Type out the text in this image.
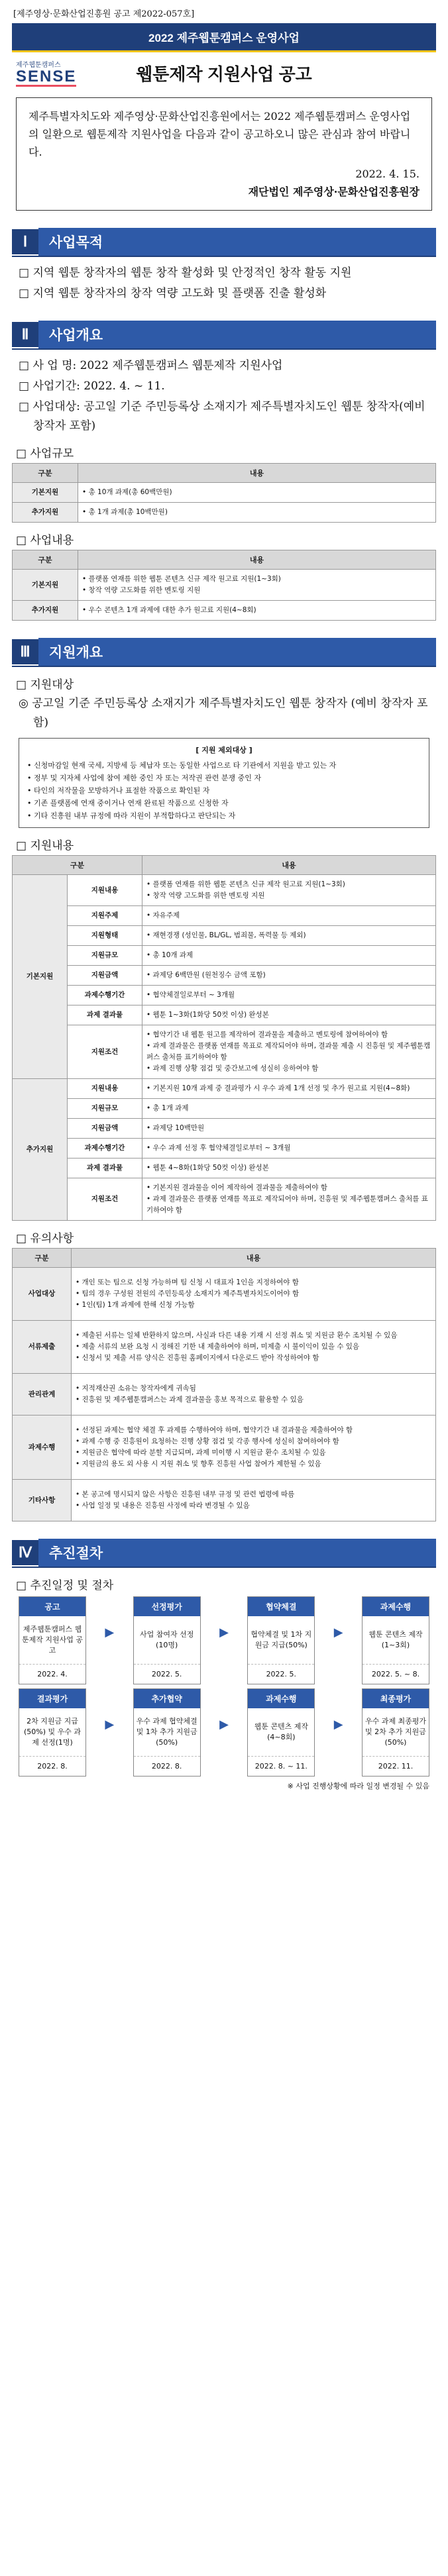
[제주영상·문화산업진흥원 공고 제2022-057호]
2022 제주웹툰캠퍼스 운영사업
제주웹툰캠퍼스
SENSE	웹툰제작 지원사업 공고
제주특별자치도와 제주영상·문화산업진흥원에서는 2022 제주웹툰캠퍼스 운영사업의 일환으로 웹툰제작 지원사업을 다음과 같이 공고하오니 많은 관심과 참여 바랍니다.
2022. 4. 15.
재단법인 제주영상·문화산업진흥원장
Ⅰ	사업목적
□ 지역 웹툰 창작자의 웹툰 창작 활성화 및 안정적인 창작 활동 지원
□ 지역 웹툰 창작자의 창작 역량 고도화 및 플랫폼 진출 활성화
Ⅱ	사업개요
□ 사 업 명: 2022 제주웹툰캠퍼스 웹툰제작 지원사업
□ 사업기간: 2022. 4. ~ 11.
□ 사업대상: 공고일 기준 주민등록상 소재지가 제주특별자치도인 웹툰 창작자(예비 창작자 포함)
□ 사업규모
구분	내용
기본지원	• 총 10개 과제(총 60백만원)
추가지원	• 총 1개 과제(총 10백만원)
□ 사업내용
구분	내용
기본지원	• 플랫폼 연재를 위한 웹툰 콘텐츠 신규 제작 원고료 지원(1~3회)
• 창작 역량 고도화를 위한 멘토링 지원
추가지원	• 우수 콘텐츠 1개 과제에 대한 추가 원고료 지원(4~8회)
Ⅲ	지원개요
□ 지원대상
◎ 공고일 기준 주민등록상 소재지가 제주특별자치도인 웹툰 창작자 (예비 창작자 포함)
[ 지원 제외대상 ]
• 신청마감일 현재 국세, 지방세 등 체납자 또는 동일한 사업으로 타 기관에서 지원을 받고 있는 자
• 정부 및 지자체 사업에 참여 제한 중인 자 또는 저작권 관련 분쟁 중인 자
• 타인의 저작물을 모방하거나 표절한 작품으로 확인된 자
• 기존 플랫폼에 연재 중이거나 연재 완료된 작품으로 신청한 자
• 기타 진흥원 내부 규정에 따라 지원이 부적합하다고 판단되는 자
□ 지원내용
구분		내용
기본지원	지원내용	• 플랫폼 연재를 위한 웹툰 콘텐츠 신규 제작 원고료 지원(1~3회)
• 창작 역량 고도화를 위한 멘토링 지원
	지원주제	• 자유주제
	지원형태	• 재현경쟁 (성인물, BL/GL, 범죄물, 폭력물 등 제외)
	지원규모	• 총 10개 과제
	지원금액	• 과제당 6백만원 (원천징수 금액 포함)
	과제수행기간	• 협약체결일로부터 ~ 3개월
	과제 결과물	• 웹툰 1~3화(1화당 50컷 이상) 완성본
	지원조건	• 협약기간 내 웹툰 원고를 제작하여 결과물을 제출하고 멘토링에 참여하여야 함
• 과제 결과물은 플랫폼 연재를 목표로 제작되어야 하며, 결과물 제출 시 진흥원 및 제주웹툰캠퍼스 출처를 표기하여야 함
• 과제 진행 상황 점검 및 중간보고에 성실히 응하여야 함
추가지원	지원내용	• 기본지원 10개 과제 중 결과평가 시 우수 과제 1개 선정 및 추가 원고료 지원(4~8화)
	지원규모	• 총 1개 과제
	지원금액	• 과제당 10백만원
	과제수행기간	• 우수 과제 선정 후 협약체결일로부터 ~ 3개월
	과제 결과물	• 웹툰 4~8화(1화당 50컷 이상) 완성본
	지원조건	• 기본지원 결과물을 이어 제작하여 결과물을 제출하여야 함
• 과제 결과물은 플랫폼 연재를 목표로 제작되어야 하며, 진흥원 및 제주웹툰캠퍼스 출처를 표기하여야 함
□ 유의사항
구분	내용
사업대상	• 개인 또는 팀으로 신청 가능하며 팀 신청 시 대표자 1인을 지정하여야 함
• 팀의 경우 구성원 전원의 주민등록상 소재지가 제주특별자치도이어야 함
• 1인(팀) 1개 과제에 한해 신청 가능함
서류제출	• 제출된 서류는 일체 반환하지 않으며, 사실과 다른 내용 기재 시 선정 취소 및 지원금 환수 조치될 수 있음
• 제출 서류의 보완 요청 시 정해진 기한 내 제출하여야 하며, 미제출 시 불이익이 있을 수 있음
• 신청서 및 제출 서류 양식은 진흥원 홈페이지에서 다운로드 받아 작성하여야 함
관리관계	• 지적재산권 소유는 창작자에게 귀속됨
• 진흥원 및 제주웹툰캠퍼스는 과제 결과물을 홍보 목적으로 활용할 수 있음
과제수행	• 선정된 과제는 협약 체결 후 과제를 수행하여야 하며, 협약기간 내 결과물을 제출하여야 함
• 과제 수행 중 진흥원이 요청하는 진행 상황 점검 및 각종 행사에 성실히 참여하여야 함
• 지원금은 협약에 따라 분할 지급되며, 과제 미이행 시 지원금 환수 조치될 수 있음
• 지원금의 용도 외 사용 시 지원 취소 및 향후 진흥원 사업 참여가 제한될 수 있음
기타사항	• 본 공고에 명시되지 않은 사항은 진흥원 내부 규정 및 관련 법령에 따름
• 사업 일정 및 내용은 진흥원 사정에 따라 변경될 수 있음
Ⅳ	추진절차
□ 추진일정 및 절차
공고
제주웹툰캠퍼스 웹툰제작 지원사업 공고
2022. 4.
▶
선정평가
사업 참여자 선정(10명)
2022. 5.
▶
협약체결
협약체결 및 1차 지원금 지급(50%)
2022. 5.
▶
과제수행
웹툰 콘텐츠 제작(1~3회)
2022. 5. ~ 8.
결과평가
2차 지원금 지급(50%) 및 우수 과제 선정(1명)
2022. 8.
▶
추가협약
우수 과제 협약체결 및 1차 추가 지원금(50%)
2022. 8.
▶
과제수행
웹툰 콘텐츠 제작(4~8회)
2022. 8. ~ 11.
▶
최종평가
우수 과제 최종평가 및 2차 추가 지원금(50%)
2022. 11.
※ 사업 진행상황에 따라 일정 변경될 수 있음
